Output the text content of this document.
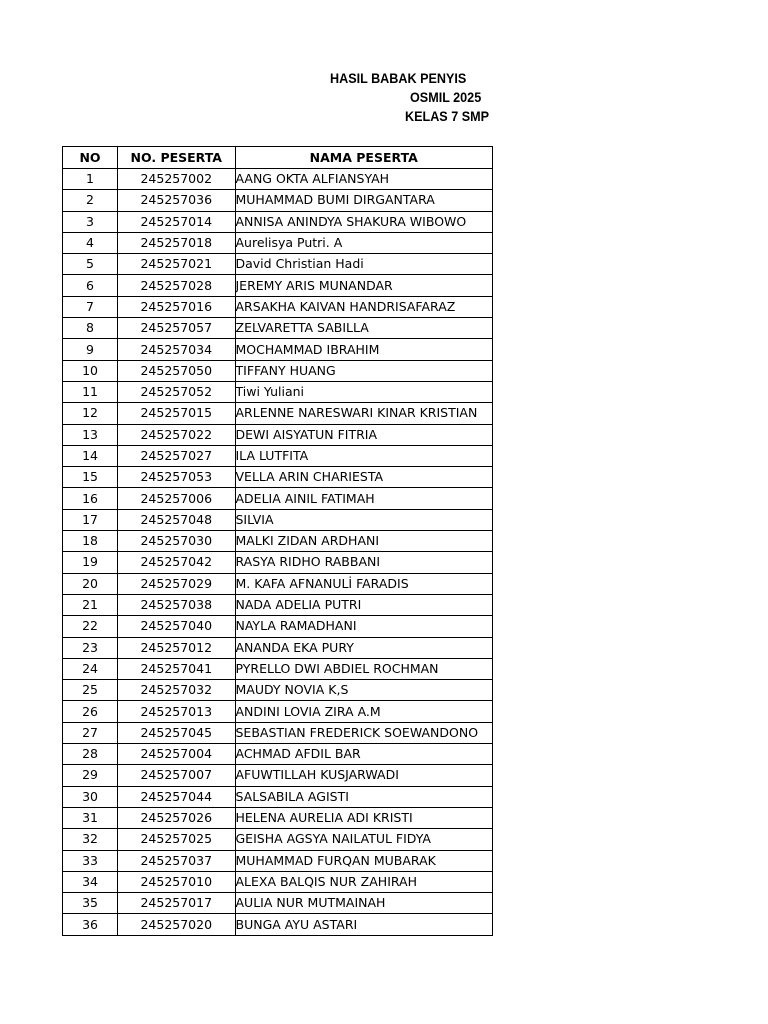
HASIL BABAK PENYIS
OSMIL 2025
KELAS 7 SMP
NO	NO. PESERTA	NAMA PESERTA
1	245257002	AANG OKTA ALFIANSYAH
2	245257036	MUHAMMAD BUMI DIRGANTARA
3	245257014	ANNISA ANINDYA SHAKURA WIBOWO
4	245257018	Aurelisya Putri. A
5	245257021	David Christian Hadi
6	245257028	JEREMY ARIS MUNANDAR
7	245257016	ARSAKHA KAIVAN HANDRISAFARAZ
8	245257057	ZELVARETTA SABILLA
9	245257034	MOCHAMMAD IBRAHIM
10	245257050	TIFFANY HUANG
11	245257052	Tiwi Yuliani
12	245257015	ARLENNE NARESWARI KINAR KRISTIAN
13	245257022	DEWI AISYATUN FITRIA
14	245257027	ILA LUTFITA
15	245257053	VELLA ARIN CHARIESTA
16	245257006	ADELIA AINIL FATIMAH
17	245257048	SILVIA
18	245257030	MALKI ZIDAN ARDHANI
19	245257042	RASYA RIDHO RABBANI
20	245257029	M. KAFA AFNANULİ FARADIS
21	245257038	NADA ADELIA PUTRI
22	245257040	NAYLA RAMADHANI
23	245257012	ANANDA EKA PURY
24	245257041	PYRELLO DWI ABDIEL ROCHMAN
25	245257032	MAUDY NOVIA K,S
26	245257013	ANDINI LOVIA ZIRA A.M
27	245257045	SEBASTIAN FREDERICK SOEWANDONO
28	245257004	ACHMAD AFDIL BAR
29	245257007	AFUWTILLAH KUSJARWADI
30	245257044	SALSABILA AGISTI
31	245257026	HELENA AURELIA ADI KRISTI
32	245257025	GEISHA AGSYA NAILATUL FIDYA
33	245257037	MUHAMMAD FURQAN MUBARAK
34	245257010	ALEXA BALQIS NUR ZAHIRAH
35	245257017	AULIA NUR MUTMAINAH
36	245257020	BUNGA AYU ASTARI
